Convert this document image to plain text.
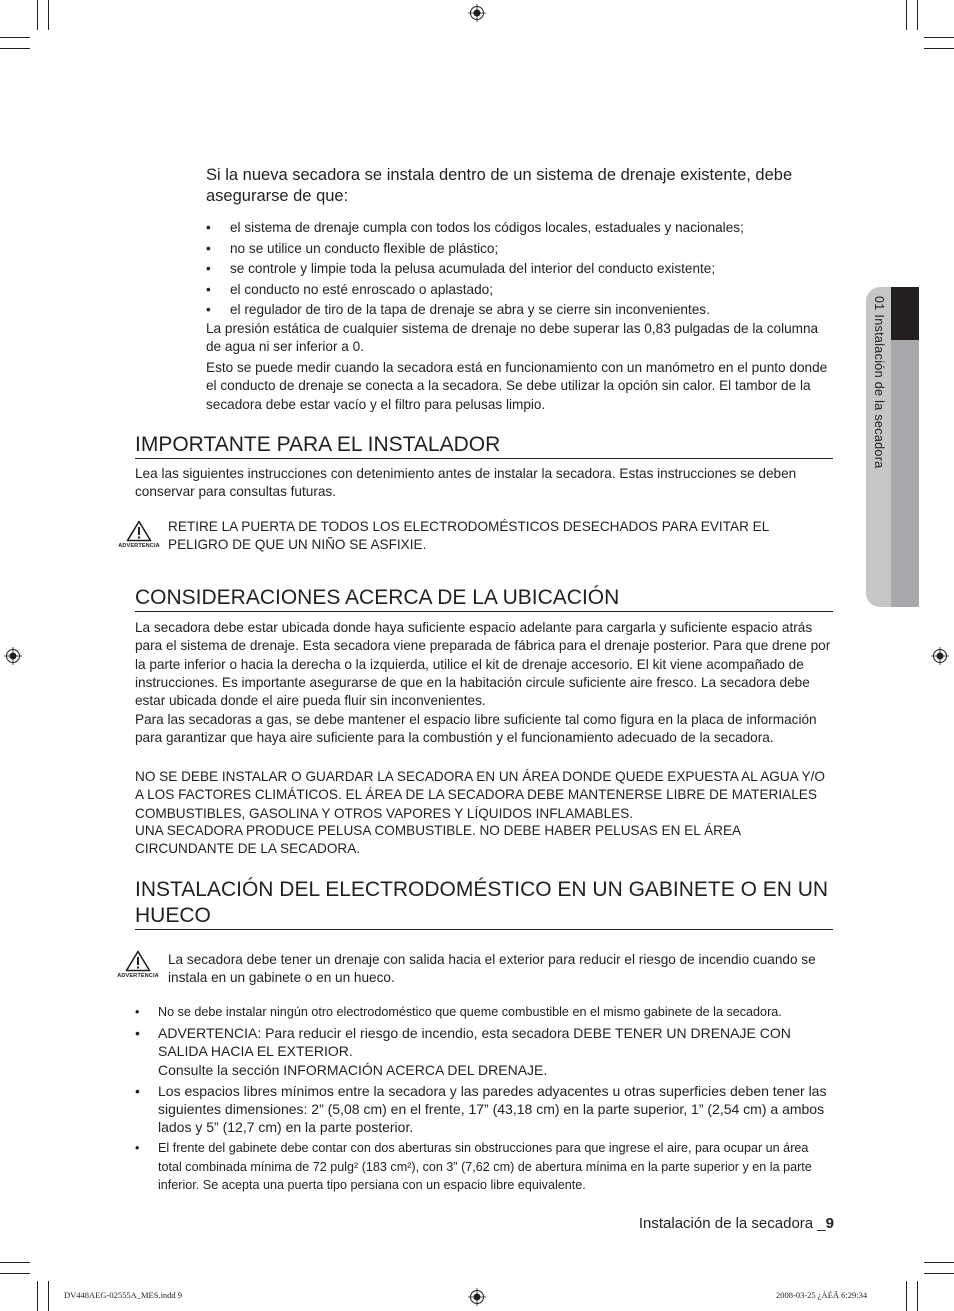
Si la nueva secadora se instala dentro de un sistema de drenaje existente, debe asegurarse de que:
• el sistema de drenaje cumpla con todos los códigos locales, estaduales y nacionales;
• no se utilice un conducto flexible de plástico;
• se controle y limpie toda la pelusa acumulada del interior del conducto existente;
• el conducto no esté enroscado o aplastado;
• el regulador de tiro de la tapa de drenaje se abra y se cierre sin inconvenientes.
La presión estática de cualquier sistema de drenaje no debe superar las 0,83 pulgadas de la columna de agua ni ser inferior a 0.
Esto se puede medir cuando la secadora está en funcionamiento con un manómetro en el punto donde el conducto de drenaje se conecta a la secadora. Se debe utilizar la opción sin calor. El tambor de la secadora debe estar vacío y el filtro para pelusas limpio.
IMPORTANTE PARA EL INSTALADOR
Lea las siguientes instrucciones con detenimiento antes de instalar la secadora. Estas instrucciones se deben conservar para consultas futuras.
ADVERTENCIA
RETIRE LA PUERTA DE TODOS LOS ELECTRODOMÉSTICOS DESECHADOS PARA EVITAR EL PELIGRO DE QUE UN NIÑO SE ASFIXIE.
CONSIDERACIONES ACERCA DE LA UBICACIÓN
La secadora debe estar ubicada donde haya suficiente espacio adelante para cargarla y suficiente espacio atrás para el sistema de drenaje. Esta secadora viene preparada de fábrica para el drenaje posterior. Para que drene por la parte inferior o hacia la derecha o la izquierda, utilice el kit de drenaje accesorio. El kit viene acompañado de instrucciones. Es importante asegurarse de que en la habitación circule suficiente aire fresco. La secadora debe estar ubicada donde el aire pueda fluir sin inconvenientes.
Para las secadoras a gas, se debe mantener el espacio libre suficiente tal como figura en la placa de información para garantizar que haya aire suficiente para la combustión y el funcionamiento adecuado de la secadora.
NO SE DEBE INSTALAR O GUARDAR LA SECADORA EN UN ÁREA DONDE QUEDE EXPUESTA AL AGUA Y/O A LOS FACTORES CLIMÁTICOS. EL ÁREA DE LA SECADORA DEBE MANTENERSE LIBRE DE MATERIALES COMBUSTIBLES, GASOLINA Y OTROS VAPORES Y LÍQUIDOS INFLAMABLES.
UNA SECADORA PRODUCE PELUSA COMBUSTIBLE. NO DEBE HABER PELUSAS EN EL ÁREA CIRCUNDANTE DE LA SECADORA.
INSTALACIÓN DEL ELECTRODOMÉSTICO EN UN GABINETE O EN UN HUECO
ADVERTENCIA
La secadora debe tener un drenaje con salida hacia el exterior para reducir el riesgo de incendio cuando se instala en un gabinete o en un hueco.
• No se debe instalar ningún otro electrodoméstico que queme combustible en el mismo gabinete de la secadora.
• ADVERTENCIA: Para reducir el riesgo de incendio, esta secadora DEBE TENER UN DRENAJE CON SALIDA HACIA EL EXTERIOR.
Consulte la sección INFORMACIÓN ACERCA DEL DRENAJE.
• Los espacios libres mínimos entre la secadora y las paredes adyacentes u otras superficies deben tener las siguientes dimensiones: 2” (5,08 cm) en el frente, 17” (43,18 cm) en la parte superior, 1” (2,54 cm) a ambos lados y 5” (12,7 cm) en la parte posterior.
• El frente del gabinete debe contar con dos aberturas sin obstrucciones para que ingrese el aire, para ocupar un área total combinada mínima de 72 pulg² (183 cm²), con 3” (7,62 cm) de abertura mínima en la parte superior y en la parte inferior. Se acepta una puerta tipo persiana con un espacio libre equivalente.
01 Instalación de la secadora
Instalación de la secadora _9
DV448AEG-02555A_MES.indd 9	2008-03-25 ¿ÀÈÄ 6:29:34
